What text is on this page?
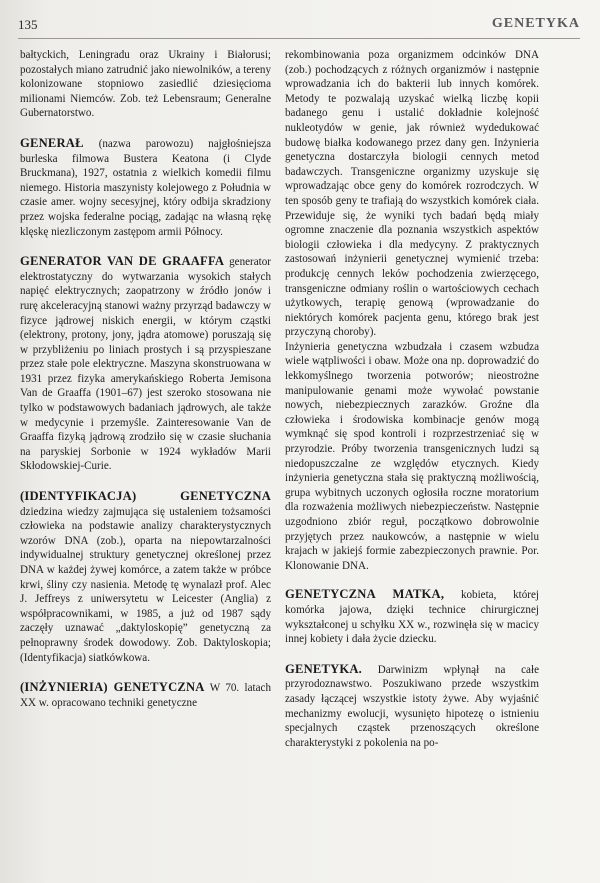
135	GENETYKA

bałtyckich, Leningradu oraz Ukrainy i Białorusi; pozostałych miano zatrudnić jako niewolników, a tereny kolonizowane stopniowo zasiedlić dziesięcioma milionami Niemców. Zob. też Lebensraum; Generalne Gubernatorstwo.

GENERAŁ (nazwa parowozu) najgłośniejsza burleska filmowa Bustera Keatona (i Clyde Bruckmana), 1927, ostatnia z wielkich komedii filmu niemego. Historia maszynisty kolejowego z Południa w czasie amer. wojny secesyjnej, który odbija skradziony przez wojska federalne pociąg, zadając na własną rękę klęskę niezliczonym zastępom armii Północy.

GENERATOR VAN DE GRAAFFA generator elektrostatyczny do wytwarzania wysokich stałych napięć elektrycznych; zaopatrzony w źródło jonów i rurę akceleracyjną stanowi ważny przyrząd badawczy w fizyce jądrowej niskich energii, w którym cząstki (elektrony, protony, jony, jądra atomowe) poruszają się w przybliżeniu po liniach prostych i są przyspieszane przez stałe pole elektryczne. Maszyna skonstruowana w 1931 przez fizyka amerykańskiego Roberta Jemisona Van de Graaffa (1901–67) jest szeroko stosowana nie tylko w podstawowych badaniach jądrowych, ale także w medycynie i przemyśle. Zainteresowanie Van de Graaffa fizyką jądrową zrodziło się w czasie słuchania na paryskiej Sorbonie w 1924 wykładów Marii Skłodowskiej-Curie.

(IDENTYFIKACJA) GENETYCZNA dziedzina wiedzy zajmująca się ustaleniem tożsamości człowieka na podstawie analizy charakterystycznych wzorów DNA (zob.), oparta na niepowtarzalności indywidualnej struktury genetycznej określonej przez DNA w każdej żywej komórce, a zatem także w próbce krwi, śliny czy nasienia. Metodę tę wynalazł prof. Alec J. Jeffreys z uniwersytetu w Leicester (Anglia) z współpracownikami, w 1985, a już od 1987 sądy zaczęły uznawać „daktyloskopię” genetyczną za pełnoprawny środek dowodowy. Zob. Daktyloskopia; (Identyfikacja) siatkówkowa.

(INŻYNIERIA) GENETYCZNA W 70. latach XX w. opracowano techniki genetyczne

rekombinowania poza organizmem odcinków DNA (zob.) pochodzących z różnych organizmów i następnie wprowadzania ich do bakterii lub innych komórek. Metody te pozwalają uzyskać wielką liczbę kopii badanego genu i ustalić dokładnie kolejność nukleotydów w genie, jak również wydedukować budowę białka kodowanego przez dany gen. Inżynieria genetyczna dostarczyła biologii cennych metod badawczych. Transgeniczne organizmy uzyskuje się wprowadzając obce geny do komórek rozrodczych. W ten sposób geny te trafiają do wszystkich komórek ciała. Przewiduje się, że wyniki tych badań będą miały ogromne znaczenie dla poznania wszystkich aspektów biologii człowieka i dla medycyny. Z praktycznych zastosowań inżynierii genetycznej wymienić trzeba: produkcję cennych leków pochodzenia zwierzęcego, transgeniczne odmiany roślin o wartościowych cechach użytkowych, terapię genową (wprowadzanie do niektórych komórek pacjenta genu, którego brak jest przyczyną choroby).

Inżynieria genetyczna wzbudzała i czasem wzbudza wiele wątpliwości i obaw. Może ona np. doprowadzić do lekkomyślnego tworzenia potworów; nieostrożne manipulowanie genami może wywołać powstanie nowych, niebezpiecznych zarazków. Groźne dla człowieka i środowiska kombinacje genów mogą wymknąć się spod kontroli i rozprzestrzeniać się w przyrodzie. Próby tworzenia transgenicznych ludzi są niedopuszczalne ze względów etycznych. Kiedy inżynieria genetyczna stała się praktyczną możliwością, grupa wybitnych uczonych ogłosiła roczne moratorium dla rozważenia możliwych niebezpieczeństw. Następnie uzgodniono zbiór reguł, początkowo dobrowolnie przyjętych przez naukowców, a następnie w wielu krajach w jakiejś formie zabezpieczonych prawnie. Por. Klonowanie DNA.

GENETYCZNA MATKA, kobieta, której komórka jajowa, dzięki technice chirurgicznej wykształconej u schyłku XX w., rozwinęła się w macicy innej kobiety i dała życie dziecku.

GENETYKA. Darwinizm wpłynął na całe przyrodoznawstwo. Poszukiwano przede wszystkim zasady łączącej wszystkie istoty żywe. Aby wyjaśnić mechanizmy ewolucji, wysunięto hipotezę o istnieniu specjalnych cząstek przenoszących określone charakterystyki z pokolenia na po-
